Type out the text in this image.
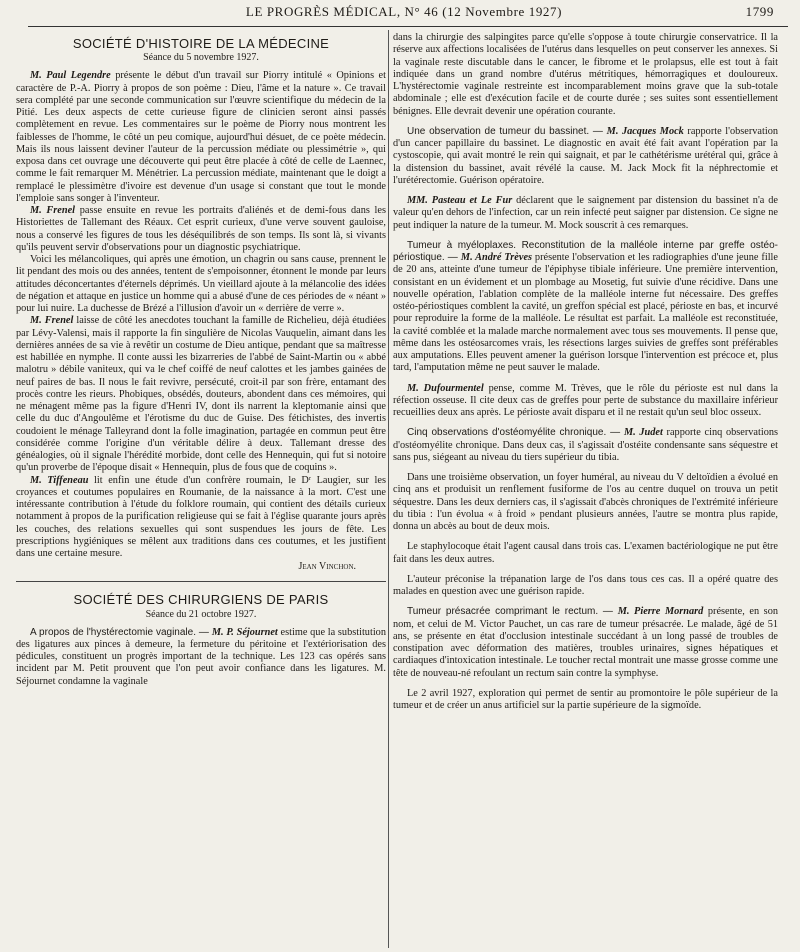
LE PROGRÈS MÉDICAL, N° 46 (12 Novembre 1927)	1799
SOCIÉTÉ D'HISTOIRE DE LA MÉDECINE
Séance du 5 novembre 1927.

M. Paul Legendre présente le début d'un travail sur Piorry intitulé « Opinions et caractère de P.-A. Piorry à propos de son poème : Dieu, l'âme et la nature ». Ce travail sera complété par une seconde communication sur l'œuvre scientifique du médecin de la Pitié. Les deux aspects de cette curieuse figure de clinicien seront ainsi passés complètement en revue. Les commentaires sur le poème de Piorry nous montrent les faiblesses de l'homme, le côté un peu comique, aujourd'hui désuet, de ce poète médecin. Mais ils nous laissent deviner l'auteur de la percussion médiate ou plessimétrie », qui exposa dans cet ouvrage une découverte qui peut être placée à côté de celle de Laennec, comme le fait remarquer M. Ménétrier. La percussion médiate, maintenant que le doigt a remplacé le plessimètre d'ivoire est devenue d'un usage si constant que tout le monde l'emploie sans songer à l'inventeur.

M. Frenel passe ensuite en revue les portraits d'aliénés et de demi-fous dans les Historiettes de Tallemant des Réaux. Cet esprit curieux, d'une verve souvent gauloise, nous a conservé les figures de tous les déséquilibrés de son temps. Ils sont là, si vivants qu'ils peuvent servir d'observations pour un diagnostic psychiatrique.

Voici les mélancoliques, qui après une émotion, un chagrin ou sans cause, prennent le lit pendant des mois ou des années, tentent de s'empoisonner, étonnent le monde par leurs attitudes déconcertantes d'éternels déprimés. Un vieillard ajoute à la mélancolie des idées de négation et attaque en justice un homme qui a abusé d'une de ces périodes de « néant » pour lui nuire. La duchesse de Brézé a l'illusion d'avoir un « derrière de verre ».

M. Frenel laisse de côté les anecdotes touchant la famille de Richelieu, déjà étudiées par Lévy-Valensi, mais il rapporte la fin singulière de Nicolas Vauquelin, aimant dans les dernières années de sa vie à revêtir un costume de Dieu antique, pendant que sa maîtresse est habillée en nymphe. Il conte aussi les bizarreries de l'abbé de Saint-Martin ou « abbé malotru » débile vaniteux, qui va le chef coiffé de neuf calottes et les jambes gainées de neuf paires de bas. Il nous le fait revivre, persécuté, croit-il par son frère, entamant des procès contre les rieurs. Phobiques, obsédés, douteurs, abondent dans ces mémoires, qui ne ménagent même pas la figure d'Henri IV, dont ils narrent la kleptomanie ainsi que celle du duc d'Angoulême et l'érotisme du duc de Guise. Des fétichistes, des invertis coudoient le ménage Talleyrand dont la folle imagination, partagée en commun peut être considérée comme l'origine d'un véritable délire à deux. Tallemant dresse des généalogies, où il signale l'hérédité morbide, dont celle des Hennequin, qui fut si notoire qu'un proverbe de l'époque disait « Hennequin, plus de fous que de coquins ».

M. Tiffeneau lit enfin une étude d'un confrère roumain, le Dʳ Laugier, sur les croyances et coutumes populaires en Roumanie, de la naissance à la mort. C'est une intéressante contribution à l'étude du folklore roumain, qui contient des détails curieux notamment à propos de la purification religieuse qui se fait à l'église quarante jours après les couches, des relations sexuelles qui sont suspendues les jours de fête. Les prescriptions hygiéniques se mêlent aux traditions dans ces coutumes, et les justifient dans une certaine mesure.

Jean Vinchon.

SOCIÉTÉ DES CHIRURGIENS DE PARIS
Séance du 21 octobre 1927.

A propos de l'hystérectomie vaginale. — M. P. Séjournet estime que la substitution des ligatures aux pinces à demeure, la fermeture du péritoine et l'extériorisation des pédicules, constituent un progrès important de la technique. Les 123 cas opérés sans incident par M. Petit prouvent que l'on peut avoir confiance dans les ligatures. M. Séjournet condamne la vaginale

dans la chirurgie des salpingites parce qu'elle s'oppose à toute chirurgie conservatrice. Il la réserve aux affections localisées de l'utérus dans lesquelles on peut conserver les annexes. Si la vaginale reste discutable dans le cancer, le fibrome et le prolapsus, elle est tout à fait indiquée dans un grand nombre d'utérus métritiques, hémorragiques et douloureux. L'hystérectomie vaginale restreinte est incomparablement moins grave que la sub-totale abdominale ; elle est d'exécution facile et de courte durée ; ses suites sont essentiellement bénignes. Elle devrait devenir une opération courante.

Une observation de tumeur du bassinet. — M. Jacques Mock rapporte l'observation d'un cancer papillaire du bassinet. Le diagnostic en avait été fait avant l'opération par la cystoscopie, qui avait montré le rein qui saignait, et par le cathétérisme urétéral qui, grâce à la distension du bassinet, avait révélé la cause. M. Jack Mock fit la néphrectomie et l'urétérectomie. Guérison opératoire.

MM. Pasteau et Le Fur déclarent que le saignement par distension du bassinet n'a de valeur qu'en dehors de l'infection, car un rein infecté peut saigner par distension. Ce signe ne peut indiquer la nature de la tumeur. M. Mock souscrit à ces remarques.

Tumeur à myéloplaxes. Reconstitution de la malléole interne par greffe ostéo-périostique. — M. André Trèves présente l'observation et les radiographies d'une jeune fille de 20 ans, atteinte d'une tumeur de l'épiphyse tibiale inférieure. Une première intervention, consistant en un évidement et un plombage au Mosetig, fut suivie d'une récidive. Dans une nouvelle opération, l'ablation complète de la malléole interne fut nécessaire. Des greffes ostéo-périostiques comblent la cavité, un greffon spécial est placé, périoste en bas, et incurvé pour reproduire la forme de la malléole. Le résultat est parfait. La malléole est reconstituée, la cavité comblée et la malade marche normalement avec tous ses mouvements. Il pense que, même dans les ostéosarcomes vrais, les résections larges suivies de greffes sont préférables aux amputations. Elles peuvent amener la guérison lorsque l'intervention est précoce et, plus tard, l'amputation même ne peut sauver le malade.

M. Dufourmentel pense, comme M. Trèves, que le rôle du périoste est nul dans la réfection osseuse. Il cite deux cas de greffes pour perte de substance du maxillaire inférieur recueillies deux ans après. Le périoste avait disparu et il ne restait qu'un seul bloc osseux.

Cinq observations d'ostéomyélite chronique. — M. Judet rapporte cinq observations d'ostéomyélite chronique. Dans deux cas, il s'agissait d'ostéite condensante sans séquestre et sans pus, siégeant au niveau du tiers supérieur du tibia.

Dans une troisième observation, un foyer huméral, au niveau du V deltoïdien a évolué en cinq ans et produisit un renflement fusiforme de l'os au centre duquel on trouva un petit séquestre. Dans les deux derniers cas, il s'agissait d'abcès chroniques de l'extrémité inférieure du tibia : l'un évolua « à froid » pendant plusieurs années, l'autre se montra plus rapide, donna un abcès au bout de deux mois.

Le staphylocoque était l'agent causal dans trois cas. L'examen bactériologique ne put être fait dans les deux autres.

L'auteur préconise la trépanation large de l'os dans tous ces cas. Il a opéré quatre des malades en question avec une guérison rapide.

Tumeur présacrée comprimant le rectum. — M. Pierre Mornard présente, en son nom, et celui de M. Victor Pauchet, un cas rare de tumeur présacrée. Le malade, âgé de 51 ans, se présente en état d'occlusion intestinale succédant à un long passé de troubles de constipation avec déformation des matières, troubles urinaires, signes hépatiques et cardiaques d'intoxication intestinale. Le toucher rectal montrait une masse grosse comme une tête de nouveau-né refoulant un rectum sain contre la symphyse.

Le 2 avril 1927, exploration qui permet de sentir au promontoire le pôle supérieur de la tumeur et de créer un anus artificiel sur la partie supérieure de la sigmoïde.
